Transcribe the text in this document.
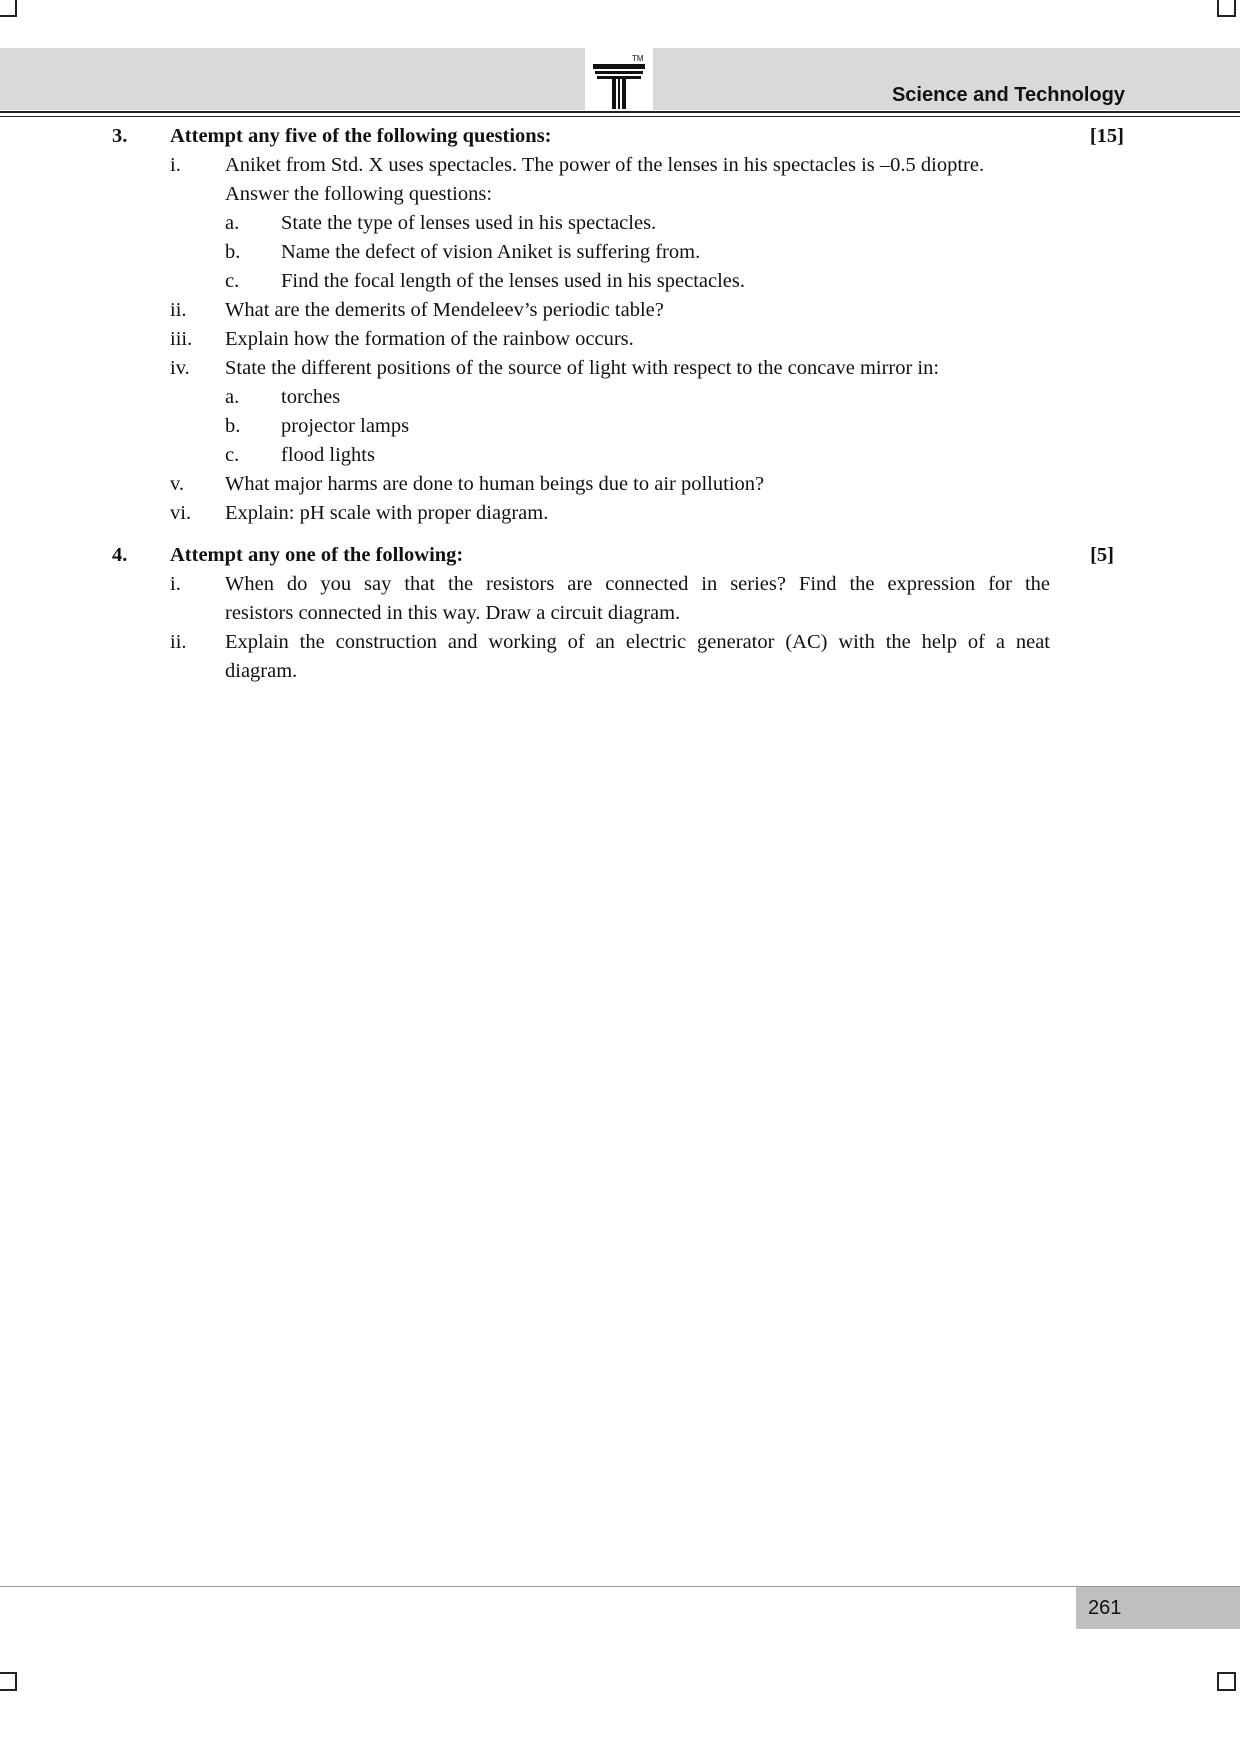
TM
Science and Technology
3. Attempt any five of the following questions:	[15]
i. Aniket from Std. X uses spectacles. The power of the lenses in his spectacles is –0.5 dioptre.
Answer the following questions:
a. State the type of lenses used in his spectacles.
b. Name the defect of vision Aniket is suffering from.
c. Find the focal length of the lenses used in his spectacles.
ii. What are the demerits of Mendeleev’s periodic table?
iii. Explain how the formation of the rainbow occurs.
iv. State the different positions of the source of light with respect to the concave mirror in:
a. torches
b. projector lamps
c. flood lights
v. What major harms are done to human beings due to air pollution?
vi. Explain: pH scale with proper diagram.
4. Attempt any one of the following:	[5]
i. When do you say that the resistors are connected in series? Find the expression for the
resistors connected in this way. Draw a circuit diagram.
ii. Explain the construction and working of an electric generator (AC) with the help of a neat
diagram.
261
